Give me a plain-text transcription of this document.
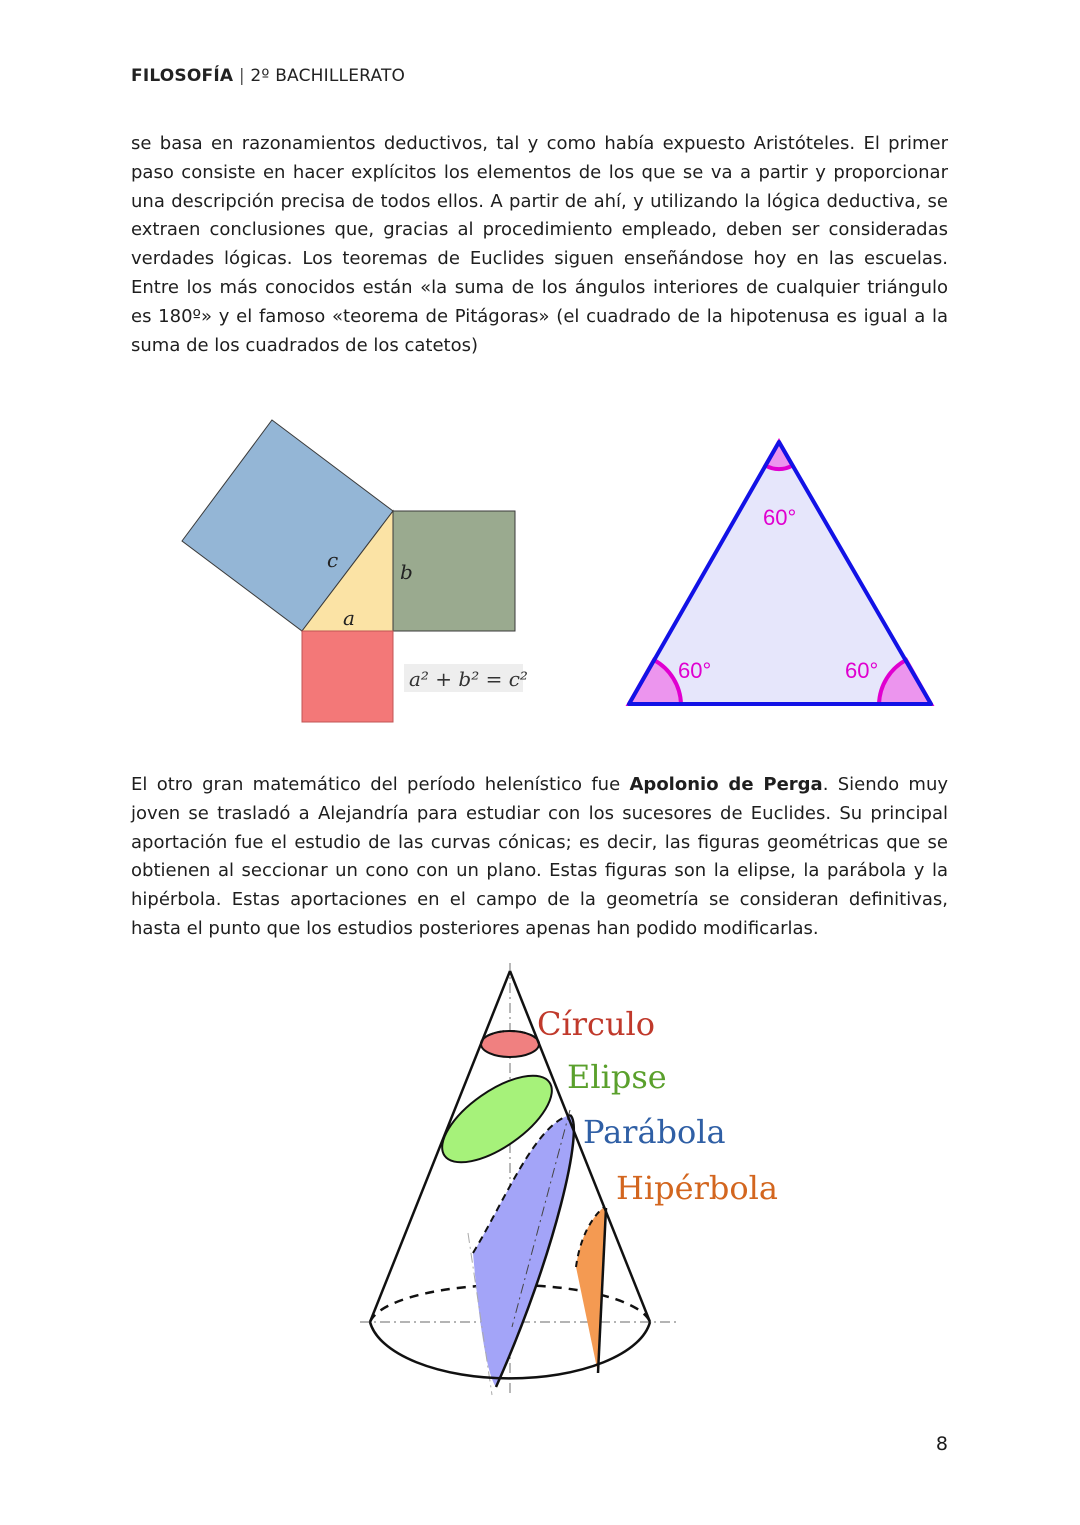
FILOSOFÍA | 2º BACHILLERATO
se basa en razonamientos deductivos, tal y como había expuesto Aristóteles. El primer paso consiste en hacer explícitos los elementos de los que se va a partir y proporcionar una descripción precisa de todos ellos. A partir de ahí, y utilizando la lógica deductiva, se extraen conclusiones que, gracias al procedimiento empleado, deben ser consideradas verdades lógicas. Los teoremas de Euclides siguen enseñándose hoy en las escuelas. Entre los más conocidos están «la suma de los ángulos interiores de cualquier triángulo es 180º» y el famoso «teorema de Pitágoras» (el cuadrado de la hipotenusa es igual a la suma de los cuadrados de los catetos)
c	b
a
a² + b² = c²
60°
60°	60°
El otro gran matemático del período helenístico fue Apolonio de Perga. Siendo muy joven se trasladó a Alejandría para estudiar con los sucesores de Euclides. Su principal aportación fue el estudio de las curvas cónicas; es decir, las figuras geométricas que se obtienen al seccionar un cono con un plano. Estas figuras son la elipse, la parábola y la hipérbola. Estas aportaciones en el campo de la geometría se consideran definitivas, hasta el punto que los estudios posteriores apenas han podido modificarlas.
Círculo
Elipse
Parábola
Hipérbola
8
